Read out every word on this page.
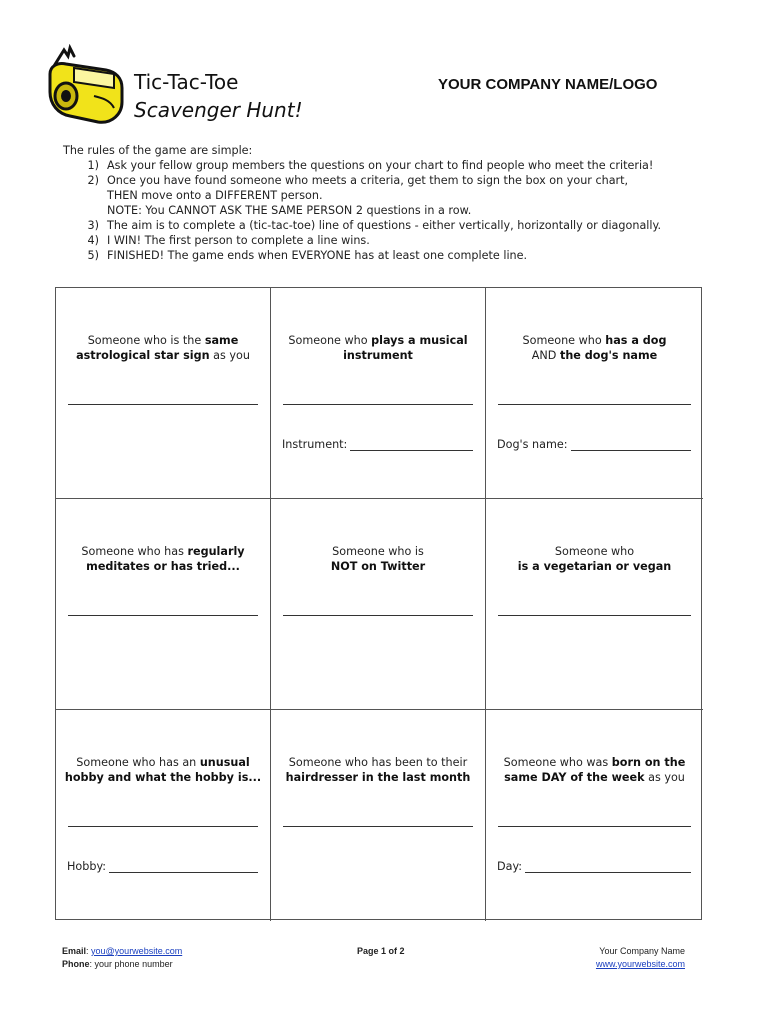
Tic-Tac-Toe
Scavenger Hunt!
YOUR COMPANY NAME/LOGO
The rules of the game are simple:
1) Ask your fellow group members the questions on your chart to find people who meet the criteria!
2) Once you have found someone who meets a criteria, get them to sign the box on your chart,
THEN move onto a DIFFERENT person.
NOTE: You CANNOT ASK THE SAME PERSON 2 questions in a row.
3) The aim is to complete a (tic-tac-toe) line of questions - either vertically, horizontally or diagonally.
4) I WIN! The first person to complete a line wins.
5) FINISHED! The game ends when EVERYONE has at least one complete line.
Someone who is the same
astrological star sign as you
Someone who plays a musical
instrument
Instrument:
Someone who has a dog
AND the dog's name
Dog's name:
Someone who has regularly
meditates or has tried...
Someone who is
NOT on Twitter
Someone who
is a vegetarian or vegan
Someone who has an unusual
hobby and what the hobby is...
Hobby:
Someone who has been to their
hairdresser in the last month
Someone who was born on the
same DAY of the week as you
Day:
Email: you@yourwebsite.com
Phone: your phone number
Page 1 of 2	Your Company Name
www.yourwebsite.com
